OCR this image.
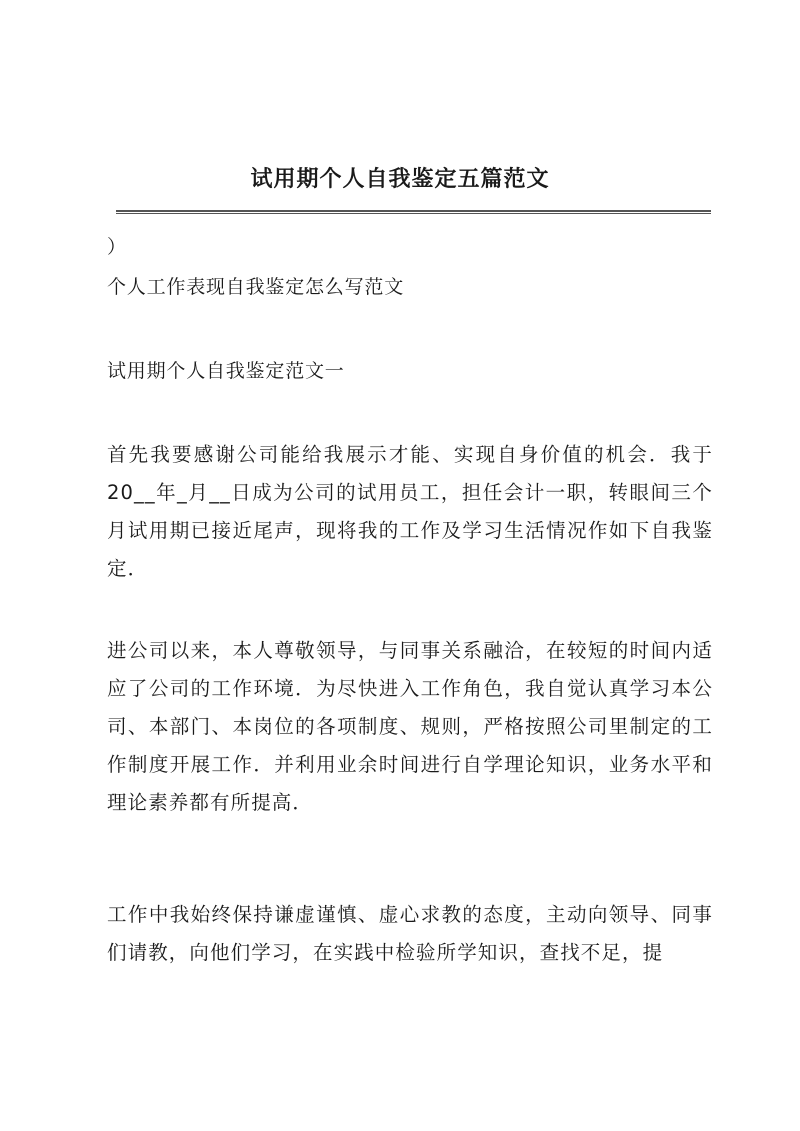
试用期个人自我鉴定五篇范文

）

个人工作表现自我鉴定怎么写范文

试用期个人自我鉴定范文一

首先我要感谢公司能给我展示才能、实现自身价值的机会．我于20__年_月__日成为公司的试用员工，担任会计一职，转眼间三个月试用期已接近尾声，现将我的工作及学习生活情况作如下自我鉴定．

进公司以来，本人尊敬领导，与同事关系融洽，在较短的时间内适应了公司的工作环境．为尽快进入工作角色，我自觉认真学习本公司、本部门、本岗位的各项制度、规则，严格按照公司里制定的工作制度开展工作．并利用业余时间进行自学理论知识，业务水平和理论素养都有所提高．

工作中我始终保持谦虚谨慎、虚心求教的态度，主动向领导、同事们请教，向他们学习，在实践中检验所学知识，查找不足，提
